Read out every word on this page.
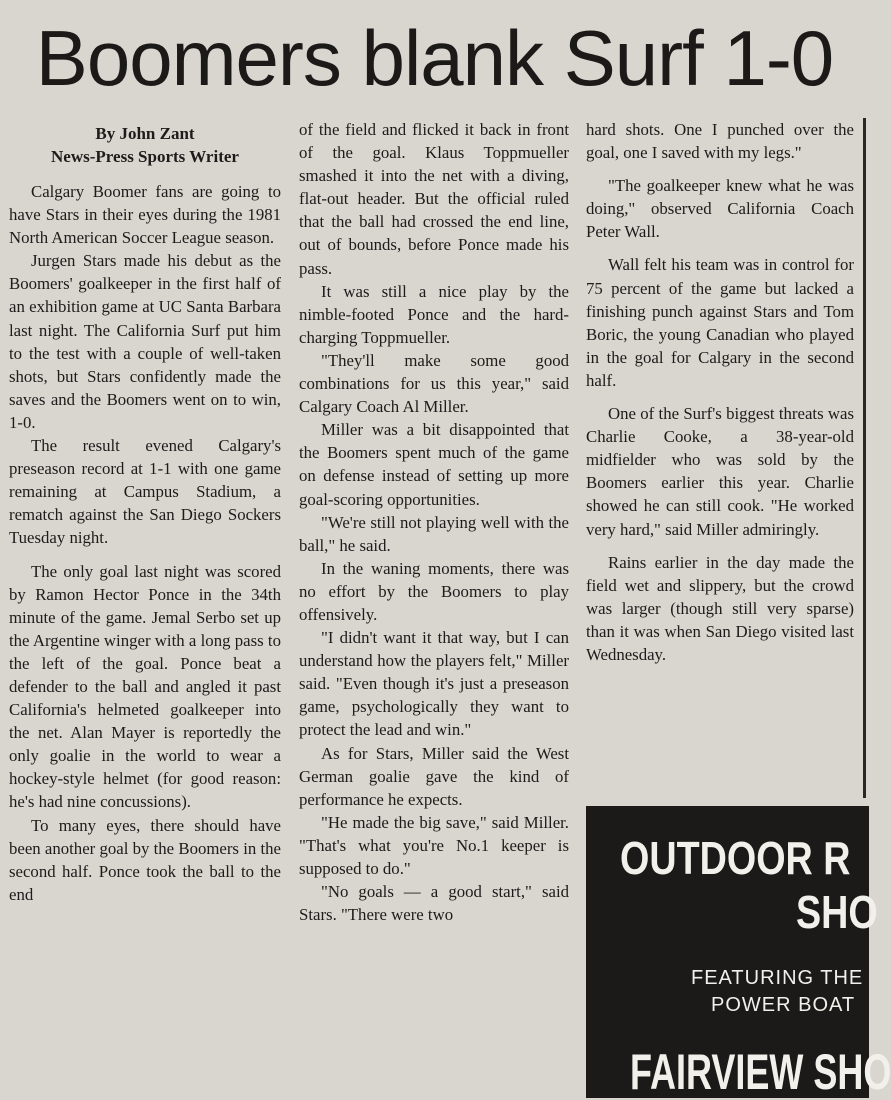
Boomers blank Surf 1-0
By John Zant
News-Press Sports Writer

Calgary Boomer fans are going to have Stars in their eyes during the 1981 North American Soccer League season.

Jurgen Stars made his debut as the Boomers' goalkeeper in the first half of an exhibition game at UC Santa Barbara last night. The California Surf put him to the test with a couple of well-taken shots, but Stars confidently made the saves and the Boomers went on to win, 1-0.

The result evened Calgary's preseason record at 1-1 with one game remaining at Campus Stadium, a rematch against the San Diego Sockers Tuesday night.

The only goal last night was scored by Ramon Hector Ponce in the 34th minute of the game. Jemal Serbo set up the Argentine winger with a long pass to the left of the goal. Ponce beat a defender to the ball and angled it past California's helmeted goalkeeper into the net. Alan Mayer is reportedly the only goalie in the world to wear a hockey-style helmet (for good reason: he's had nine concussions).

To many eyes, there should have been another goal by the Boomers in the second half. Ponce took the ball to the end

of the field and flicked it back in front of the goal. Klaus Toppmueller smashed it into the net with a diving, flat-out header. But the official ruled that the ball had crossed the end line, out of bounds, before Ponce made his pass.

It was still a nice play by the nimble-footed Ponce and the hard-charging Toppmueller.

"They'll make some good combinations for us this year," said Calgary Coach Al Miller.

Miller was a bit disappointed that the Boomers spent much of the game on defense instead of setting up more goal-scoring opportunities.

"We're still not playing well with the ball," he said.

In the waning moments, there was no effort by the Boomers to play offensively.

"I didn't want it that way, but I can understand how the players felt," Miller said. "Even though it's just a preseason game, psychologically they want to protect the lead and win."

As for Stars, Miller said the West German goalie gave the kind of performance he expects.

"He made the big save," said Miller. "That's what you're No.1 keeper is supposed to do."

"No goals — a good start," said Stars. "There were two

hard shots. One I punched over the goal, one I saved with my legs."

"The goalkeeper knew what he was doing," observed California Coach Peter Wall.

Wall felt his team was in control for 75 percent of the game but lacked a finishing punch against Stars and Tom Boric, the young Canadian who played in the goal for Calgary in the second half.

One of the Surf's biggest threats was Charlie Cooke, a 38-year-old midfielder who was sold by the Boomers earlier this year. Charlie showed he can still cook. "He worked very hard," said Miller admiringly.

Rains earlier in the day made the field wet and slippery, but the crowd was larger (though still very sparse) than it was when San Diego visited last Wednesday.

OUTDOOR R
SHO
FEATURING THE
POWER BOAT
FAIRVIEW SHO
